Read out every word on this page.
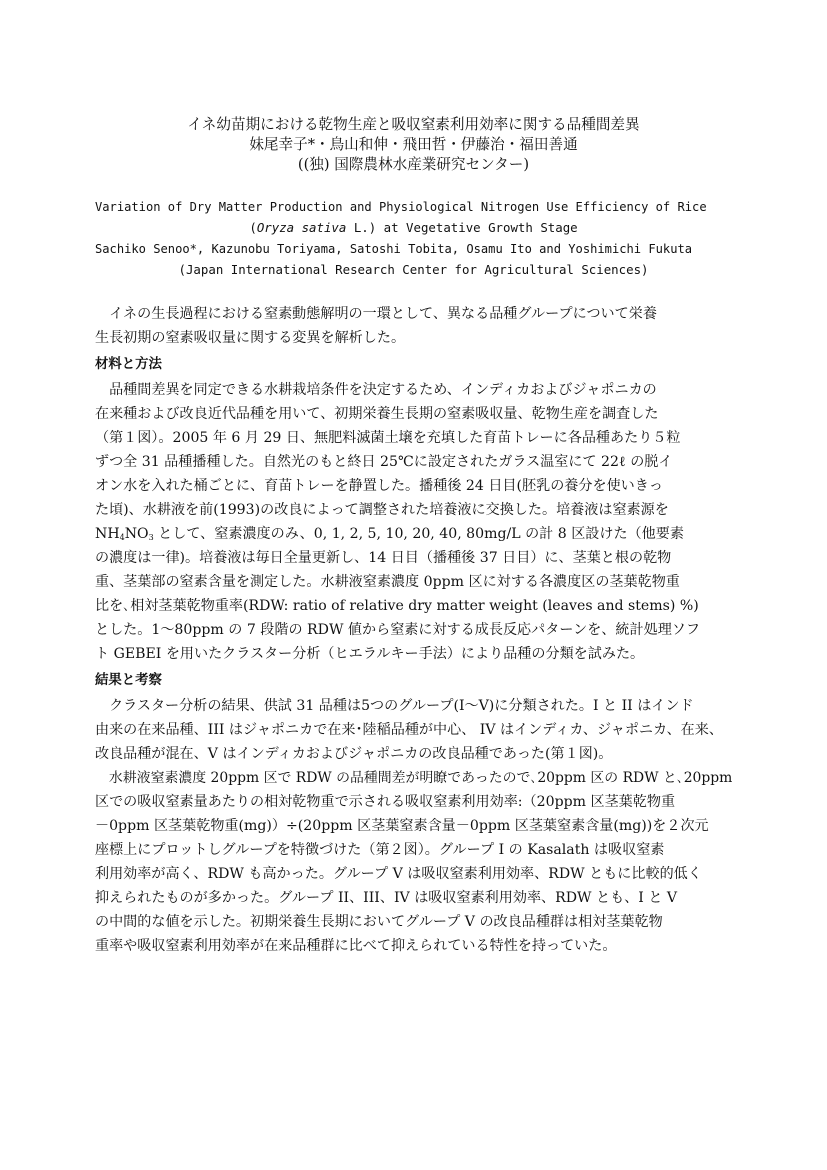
イネ幼苗期における乾物生産と吸収窒素利用効率に関する品種間差異
妹尾幸子*・鳥山和伸・飛田哲・伊藤治・福田善通
((独) 国際農林水産業研究センター)
Variation of Dry Matter Production and Physiological Nitrogen Use Efficiency of Rice
(Oryza sativa L.) at Vegetative Growth Stage
Sachiko Senoo*, Kazunobu Toriyama, Satoshi Tobita, Osamu Ito and Yoshimichi Fukuta
(Japan International Research Center for Agricultural Sciences)
　イネの生長過程における窒素動態解明の一環として、異なる品種グループについて栄養
生長初期の窒素吸収量に関する変異を解析した。
材料と方法
　品種間差異を同定できる水耕栽培条件を決定するため、インディカおよびジャポニカの
在来種および改良近代品種を用いて、初期栄養生長期の窒素吸収量、乾物生産を調査した
（第１図）。2005 年 6 月 29 日、無肥料滅菌土壌を充填した育苗トレーに各品種あたり５粒
ずつ全 31 品種播種した。自然光のもと終日 25℃に設定されたガラス温室にて 22ℓ の脱イ
オン水を入れた桶ごとに、育苗トレーを静置した。播種後 24 日目(胚乳の養分を使いきっ
た頃)、水耕液を前(1993)の改良によって調整された培養液に交換した。培養液は窒素源を
$NH_4NO_3$ として、窒素濃度のみ、0, 1, 2, 5, 10, 20, 40, 80mg/L の計 8 区設けた（他要素
の濃度は一律)。培養液は毎日全量更新し、14 日目（播種後 37 日目）に、茎葉と根の乾物
重、茎葉部の窒素含量を測定した。水耕液窒素濃度 0ppm 区に対する各濃度区の茎葉乾物重
比を､相対茎葉乾物重率(RDW: ratio of relative dry matter weight (leaves and stems) %)
とした。1～80ppm の 7 段階の RDW 値から窒素に対する成長反応パターンを、統計処理ソフ
ト GEBEI を用いたクラスター分析（ヒエラルキー手法）により品種の分類を試みた。
結果と考察
　クラスター分析の結果、供試 31 品種は5つのグループ(I～V)に分類された。I と II はインド
由来の在来品種、III はジャポニカで在来･陸稲品種が中心、 IV はインディカ、ジャポニカ、在来、
改良品種が混在、V はインディカおよびジャポニカの改良品種であった(第１図)。
　水耕液窒素濃度 20ppm 区で RDW の品種間差が明瞭であったので､20ppm 区の RDW と､20ppm
区での吸収窒素量あたりの相対乾物重で示される吸収窒素利用効率:（20ppm 区茎葉乾物重
－0ppm 区茎葉乾物重(mg)）÷(20ppm 区茎葉窒素含量－0ppm 区茎葉窒素含量(mg))を２次元
座標上にプロットしグループを特徴づけた（第２図）。グループ I の Kasalath は吸収窒素
利用効率が高く、RDW も高かった。グループ V は吸収窒素利用効率、RDW ともに比較的低く
抑えられたものが多かった。グループ II、III、IV は吸収窒素利用効率、RDW とも、I と V
の中間的な値を示した。初期栄養生長期においてグループ V の改良品種群は相対茎葉乾物
重率や吸収窒素利用効率が在来品種群に比べて抑えられている特性を持っていた。
